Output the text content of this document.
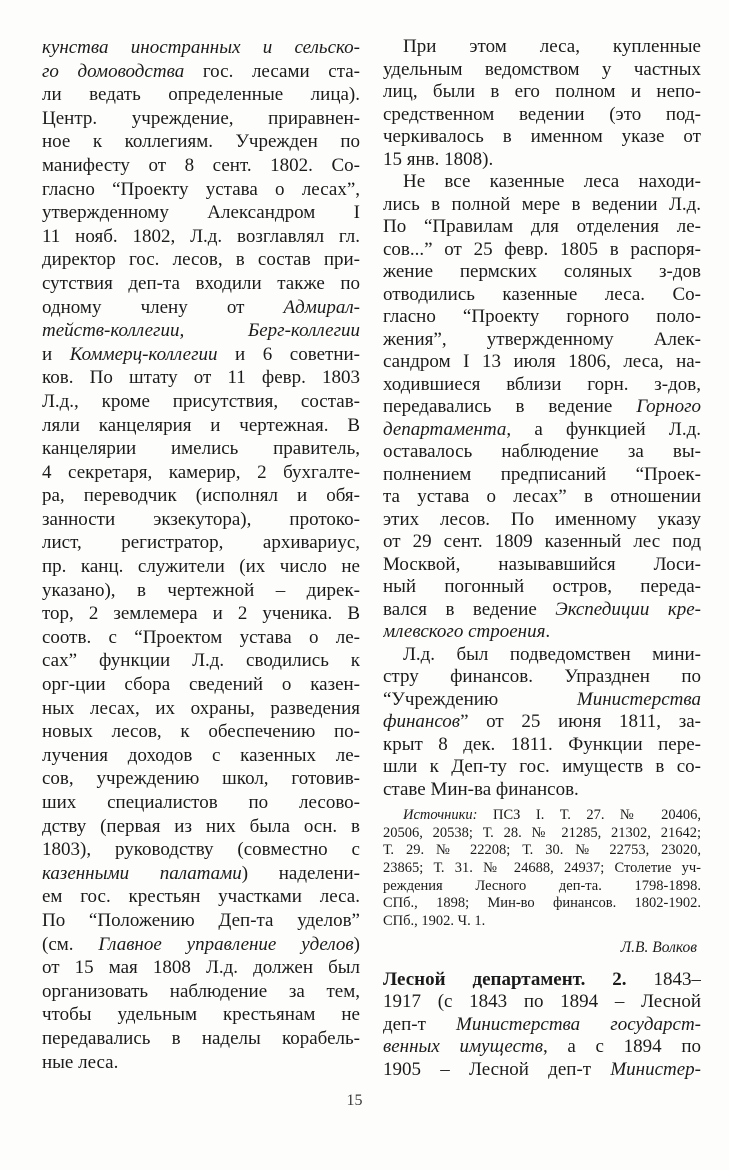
кунства иностранных и сельско-
го домоводства гос. лесами ста-
ли ведать определенные лица).
Центр. учреждение, приравнен-
ное к коллегиям. Учрежден по
манифесту от 8 сент. 1802. Со-
гласно “Проекту устава о лесах”,
утвержденному Александром I
11 нояб. 1802, Л.д. возглавлял гл.
директор гос. лесов, в состав при-
сутствия деп-та входили также по
одному члену от Адмирал-
тейств-коллегии, Берг-коллегии
и Коммерц-коллегии и 6 советни-
ков. По штату от 11 февр. 1803
Л.д., кроме присутствия, состав-
ляли канцелярия и чертежная. В
канцелярии имелись правитель,
4 секретаря, камерир, 2 бухгалте-
ра, переводчик (исполнял и обя-
занности экзекутора), протоко-
лист, регистратор, архивариус,
пр. канц. служители (их число не
указано), в чертежной – дирек-
тор, 2 землемера и 2 ученика. В
соотв. с “Проектом устава о ле-
сах” функции Л.д. сводились к
орг-ции сбора сведений о казен-
ных лесах, их охраны, разведения
новых лесов, к обеспечению по-
лучения доходов с казенных ле-
сов, учреждению школ, готовив-
ших специалистов по лесово-
дству (первая из них была осн. в
1803), руководству (совместно с
казенными палатами) наделени-
ем гос. крестьян участками леса.
По “Положению Деп-та уделов”
(см. Главное управление уделов)
от 15 мая 1808 Л.д. должен был
организовать наблюдение за тем,
чтобы удельным крестьянам не
передавались в наделы корабель-
ные леса.
При этом леса, купленные
удельным ведомством у частных
лиц, были в его полном и непо-
средственном ведении (это под-
черкивалось в именном указе от
15 янв. 1808).
Не все казенные леса находи-
лись в полной мере в ведении Л.д.
По “Правилам для отделения ле-
сов...” от 25 февр. 1805 в распоря-
жение пермских соляных з-дов
отводились казенные леса. Со-
гласно “Проекту горного поло-
жения”, утвержденному Алек-
сандром I 13 июля 1806, леса, на-
ходившиеся вблизи горн. з-дов,
передавались в ведение Горного
департамента, а функцией Л.д.
оставалось наблюдение за вы-
полнением предписаний “Проек-
та устава о лесах” в отношении
этих лесов. По именному указу
от 29 сент. 1809 казенный лес под
Москвой, называвшийся Лоси-
ный погонный остров, переда-
вался в ведение Экспедиции кре-
млевского строения.
Л.д. был подведомствен мини-
стру финансов. Упразднен по
“Учреждению Министерства
финансов” от 25 июня 1811, за-
крыт 8 дек. 1811. Функции пере-
шли к Деп-ту гос. имуществ в со-
ставе Мин-ва финансов.
Источники: ПСЗ I. Т. 27. № 20406,
20506, 20538; Т. 28. № 21285, 21302, 21642;
Т. 29. № 22208; Т. 30. № 22753, 23020,
23865; Т. 31. № 24688, 24937; Столетие уч-
реждения Лесного деп-та. 1798-1898.
СПб., 1898; Мин-во финансов. 1802-1902.
СПб., 1902. Ч. 1.
Л.В. Волков
Лесной департамент. 2. 1843–
1917 (с 1843 по 1894 – Лесной
деп-т Министерства государст-
венных имуществ, а с 1894 по
1905 – Лесной деп-т Министер-
15
